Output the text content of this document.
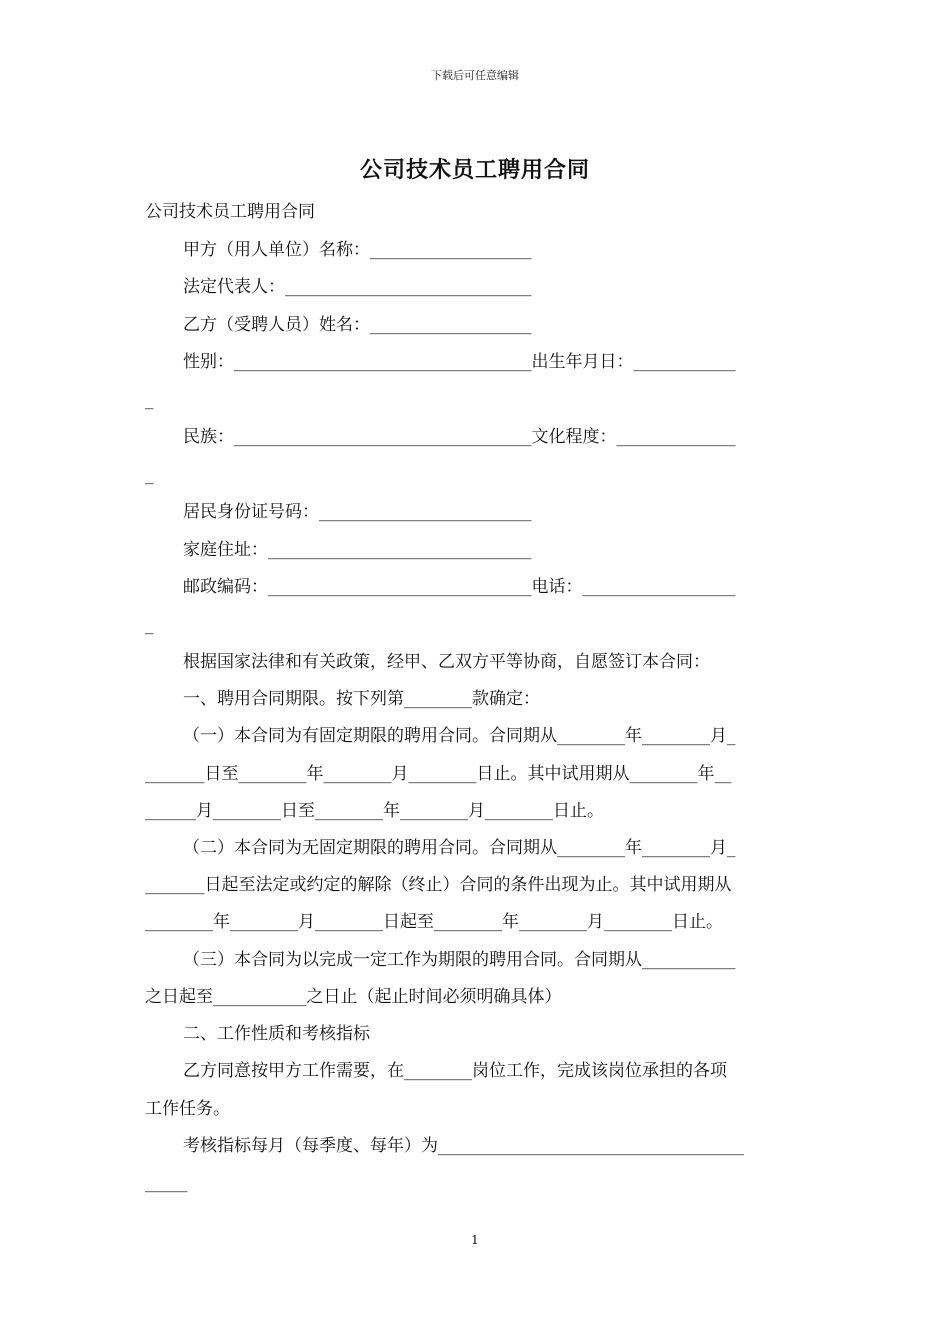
下载后可任意编辑
公司技术员工聘用合同
公司技术员工聘用合同
甲方（用人单位）名称：___________________
法定代表人：_____________________________
乙方（受聘人员）姓名：___________________
性别：___________________________________出生年月日：____________
_
民族：___________________________________文化程度：______________
_
居民身份证号码：_________________________
家庭住址：_______________________________
邮政编码：_______________________________电话：__________________
_
根据国家法律和有关政策，经甲、乙双方平等协商，自愿签订本合同：
一、聘用合同期限。按下列第________款确定：
（一）本合同为有固定期限的聘用合同。合同期从________年________月_
_______日至________年________月________日止。其中试用期从________年__
______月________日至________年________月________日止。
（二）本合同为无固定期限的聘用合同。合同期从________年________月_
_______日起至法定或约定的解除（终止）合同的条件出现为止。其中试用期从
________年________月________日起至________年________月________日止。
（三）本合同为以完成一定工作为期限的聘用合同。合同期从___________
之日起至___________之日止（起止时间必须明确具体）
二、工作性质和考核指标
乙方同意按甲方工作需要，在________岗位工作，完成该岗位承担的各项
工作任务。
考核指标每月（每季度、每年）为____________________________________
_____
1
